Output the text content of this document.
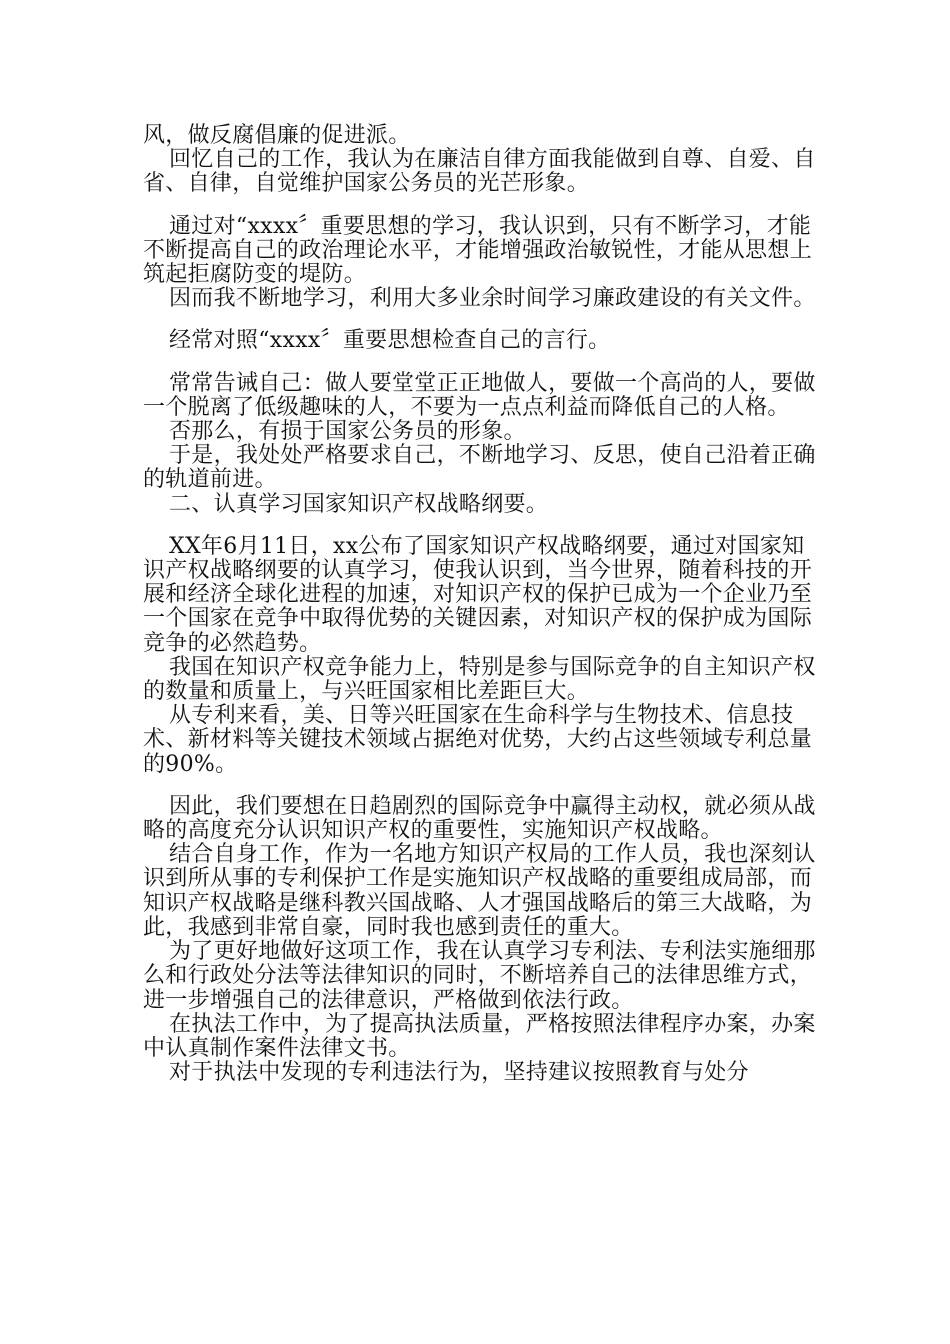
风，做反腐倡廉的促进派。

回忆自己的工作，我认为在廉洁自律方面我能做到自尊、自爱、自省、自律，自觉维护国家公务员的光芒形象。

通过对“xxxx〞重要思想的学习，我认识到，只有不断学习，才能不断提高自己的政治理论水平，才能增强政治敏锐性，才能从思想上筑起拒腐防变的堤防。

因而我不断地学习，利用大多业余时间学习廉政建设的有关文件。

经常对照“xxxx〞重要思想检查自己的言行。

常常告诫自己：做人要堂堂正正地做人，要做一个高尚的人，要做一个脱离了低级趣味的人，不要为一点点利益而降低自己的人格。

否那么，有损于国家公务员的形象。

于是，我处处严格要求自己，不断地学习、反思，使自己沿着正确的轨道前进。

二、认真学习国家知识产权战略纲要。

XX年6月11日，xx公布了国家知识产权战略纲要，通过对国家知识产权战略纲要的认真学习，使我认识到，当今世界，随着科技的开展和经济全球化进程的加速，对知识产权的保护已成为一个企业乃至一个国家在竞争中取得优势的关键因素，对知识产权的保护成为国际竞争的必然趋势。

我国在知识产权竞争能力上，特别是参与国际竞争的自主知识产权的数量和质量上，与兴旺国家相比差距巨大。

从专利来看，美、日等兴旺国家在生命科学与生物技术、信息技术、新材料等关键技术领域占据绝对优势，大约占这些领域专利总量的90%。

因此，我们要想在日趋剧烈的国际竞争中赢得主动权，就必须从战略的高度充分认识知识产权的重要性，实施知识产权战略。

结合自身工作，作为一名地方知识产权局的工作人员，我也深刻认识到所从事的专利保护工作是实施知识产权战略的重要组成局部，而知识产权战略是继科教兴国战略、人才强国战略后的第三大战略，为此，我感到非常自豪，同时我也感到责任的重大。

为了更好地做好这项工作，我在认真学习专利法、专利法实施细那么和行政处分法等法律知识的同时，不断培养自己的法律思维方式，进一步增强自己的法律意识，严格做到依法行政。

在执法工作中，为了提高执法质量，严格按照法律程序办案，办案中认真制作案件法律文书。

对于执法中发现的专利违法行为，坚持建议按照教育与处分
